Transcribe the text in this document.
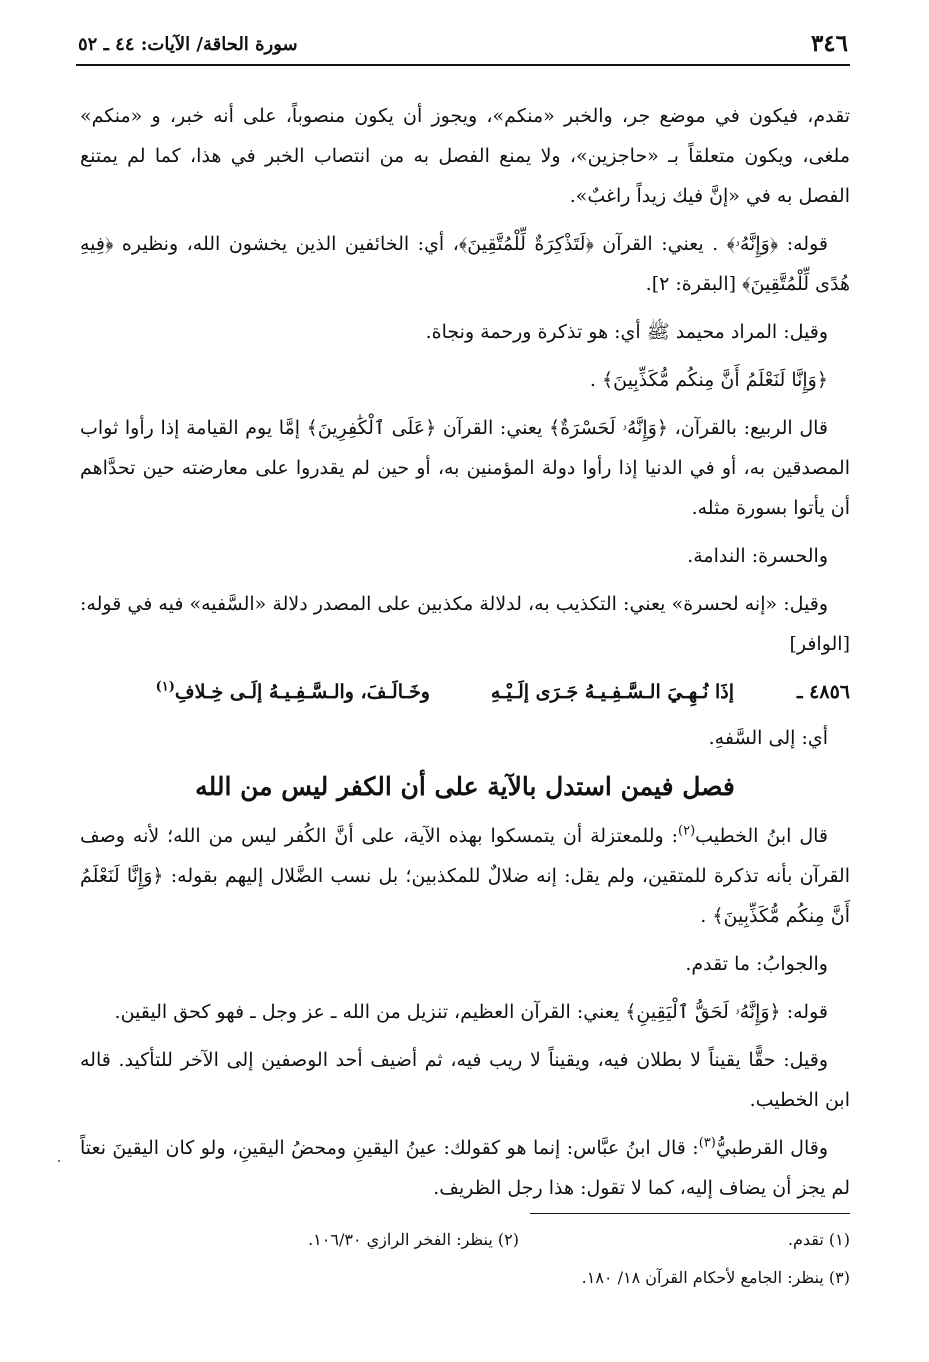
٣٤٦
سورة الحاقة/ الآيات: ٤٤ ـ ٥٢

تقدم، فيكون في موضع جر، والخبر «منكم»، ويجوز أن يكون منصوباً، على أنه خبر، و «منكم» ملغى، ويكون متعلقاً بـ «حاجزين»، ولا يمنع الفصل به من انتصاب الخبر في هذا، كما لم يمتنع الفصل به في «إنَّ فيك زيداً راغبٌ».

قوله: ﴿وَإِنَّهُۥ﴾ . يعني: القرآن ﴿لَتَذْكِرَةٌ لِّلْمُتَّقِينَ﴾، أي: الخائفين الذين يخشون الله، ونظيره ﴿فِيهِ هُدًى لِّلْمُتَّقِينَ﴾ [البقرة: ٢].

وقيل: المراد محيمد ﷺ أي: هو تذكرة ورحمة ونجاة.

﴿وَإِنَّا لَنَعْلَمُ أَنَّ مِنكُم مُّكَذِّبِينَ﴾ .

قال الربيع: بالقرآن، ﴿وَإِنَّهُۥ لَحَسْرَةٌ﴾ يعني: القرآن ﴿عَلَى ٱلْكَٰفِرِينَ﴾ إمَّا يوم القيامة إذا رأوا ثواب المصدقين به، أو في الدنيا إذا رأوا دولة المؤمنين به، أو حين لم يقدروا على معارضته حين تحدَّاهم أن يأتوا بسورة مثله.

والحسرة: الندامة.

وقيل: «إنه لحسرة» يعني: التكذيب به، لدلالة مكذبين على المصدر دلالة «السَّفيه» فيه في قوله: [الوافر]

٤٨٥٦ ـإذَا نُـهِـيَ الـسَّـفِـيـهُ جَـرَى إلَـيْـهِوخَـالَـفَ، والـسَّـفِـيـهُ إلَـى خِـلافِ$^{(١)}$

أي: إلى السَّفهِ.

فصل فيمن استدل بالآية على أن الكفر ليس من الله

قال ابنُ الخطيب$^{(٢)}$: وللمعتزلة أن يتمسكوا بهذه الآية، على أنَّ الكُفر ليس من الله؛ لأنه وصف القرآن بأنه تذكرة للمتقين، ولم يقل: إنه ضلالٌ للمكذبين؛ بل نسب الضَّلال إليهم بقوله: ﴿وَإِنَّا لَنَعْلَمُ أَنَّ مِنكُم مُّكَذِّبِينَ﴾ .

والجوابُ: ما تقدم.

قوله: ﴿وَإِنَّهُۥ لَحَقُّ ٱلْيَقِينِ﴾ يعني: القرآن العظيم، تنزيل من الله ـ عز وجل ـ فهو كحق اليقين.

وقيل: حقًّا يقيناً لا بطلان فيه، ويقيناً لا ريب فيه، ثم أضيف أحد الوصفين إلى الآخر للتأكيد. قاله ابن الخطيب.

وقال القرطبيُّ$^{(٣)}$: قال ابنُ عبَّاس: إنما هو كقولك: عينُ اليقينِ ومحضُ اليقينِ، ولو كان اليقينَ نعتاً لم يجز أن يضاف إليه، كما لا تقول: هذا رجل الظريف.

(١) تقدم.
(٢) ينظر: الفخر الرازي ١٠٦/٣٠.
(٣) ينظر: الجامع لأحكام القرآن ١٨/ ١٨٠.
